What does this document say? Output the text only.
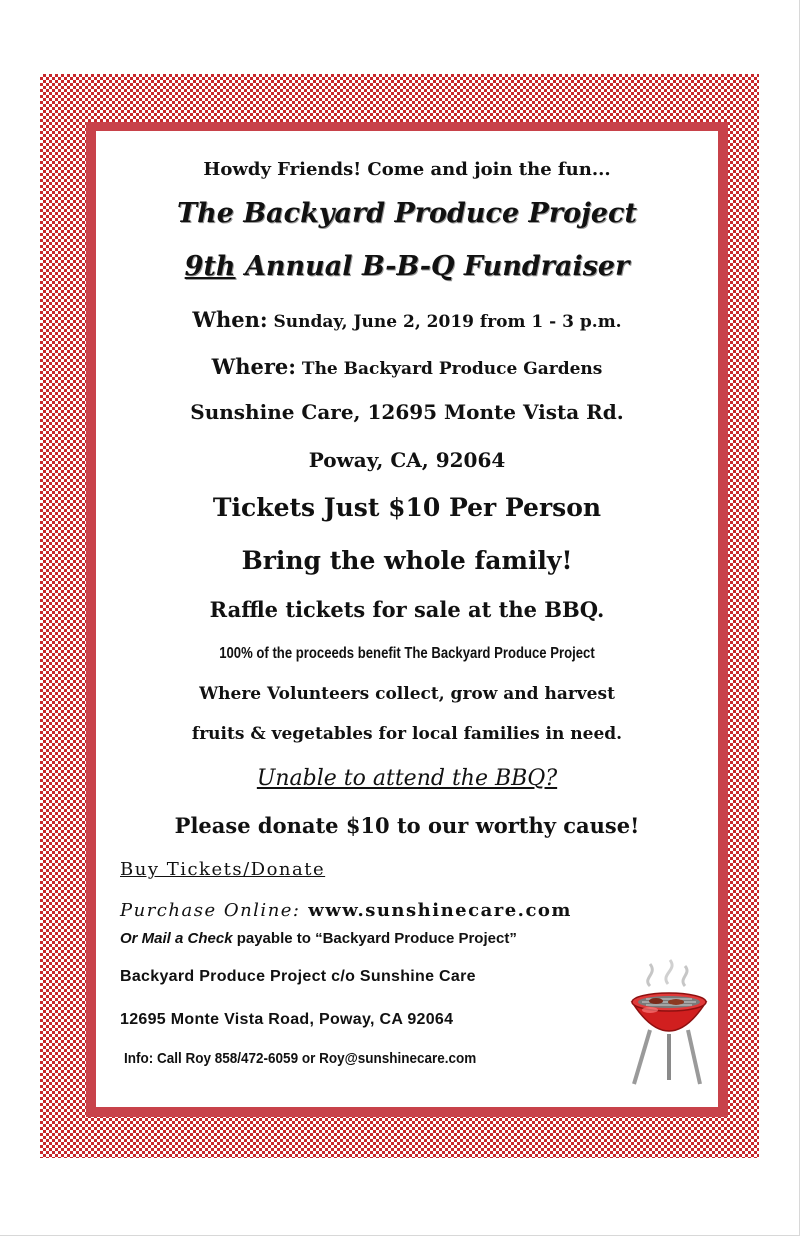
Howdy Friends! Come and join the fun...
The Backyard Produce Project
9th Annual B-B-Q Fundraiser
When: Sunday, June 2, 2019 from 1 - 3 p.m.
Where: The Backyard Produce Gardens
Sunshine Care, 12695 Monte Vista Rd.
Poway, CA, 92064
Tickets Just $10 Per Person
Bring the whole family!
Raffle tickets for sale at the BBQ.
100% of the proceeds benefit The Backyard Produce Project
Where Volunteers collect, grow and harvest
fruits & vegetables for local families in need.
Unable to attend the BBQ?
Please donate $10 to our worthy cause!
Buy Tickets/Donate
Purchase Online: www.sunshinecare.com
Or Mail a Check payable to “Backyard Produce Project”
Backyard Produce Project c/o Sunshine Care
12695 Monte Vista Road, Poway, CA 92064
Info: Call Roy 858/472-6059 or Roy@sunshinecare.com
